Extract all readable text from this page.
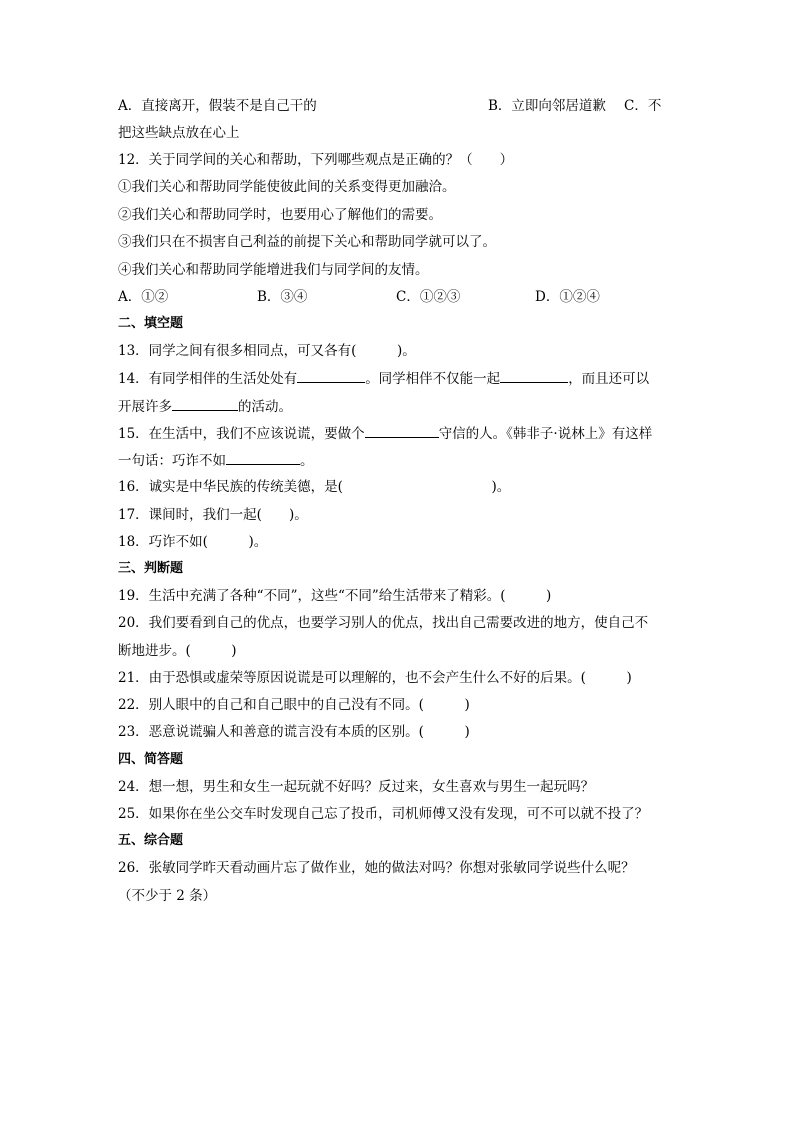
A．直接离开，假装不是自己干的	B．立即向邻居道歉 C．不
把这些缺点放在心上
12．关于同学间的关心和帮助，下列哪些观点是正确的？（　　）
①我们关心和帮助同学能使彼此间的关系变得更加融洽。
②我们关心和帮助同学时，也要用心了解他们的需要。
③我们只在不损害自己利益的前提下关心和帮助同学就可以了。
④我们关心和帮助同学能增进我们与同学间的友情。
A．①②	B．③④	C．①②③	D．①②④
二、填空题
13．同学之间有很多相同点，可又各有(　　　)。
14．有同学相伴的生活处处有	。同学相伴不仅能一起	，而且还可以
开展许多	的活动。
15．在生活中，我们不应该说谎，要做个	守信的人。《韩非子·说林上》有这样
一句话：巧诈不如	。
16．诚实是中华民族的传统美德，是(　　　　　　　　　　　)。
17．课间时，我们一起(　　)。
18．巧诈不如(　　　)。
三、判断题
19．生活中充满了各种“不同”，这些“不同”给生活带来了精彩。(　　　)
20．我们要看到自己的优点，也要学习别人的优点，找出自己需要改进的地方，使自己不
断地进步。(　　　)
21．由于恐惧或虚荣等原因说谎是可以理解的，也不会产生什么不好的后果。(　　　)
22．别人眼中的自己和自己眼中的自己没有不同。(　　　)
23．恶意说谎骗人和善意的谎言没有本质的区别。(　　　)
四、简答题
24．想一想，男生和女生一起玩就不好吗？反过来，女生喜欢与男生一起玩吗？
25．如果你在坐公交车时发现自己忘了投币，司机师傅又没有发现，可不可以就不投了？
五、综合题
26．张敏同学昨天看动画片忘了做作业，她的做法对吗？你想对张敏同学说些什么呢？
（不少于 2 条）
